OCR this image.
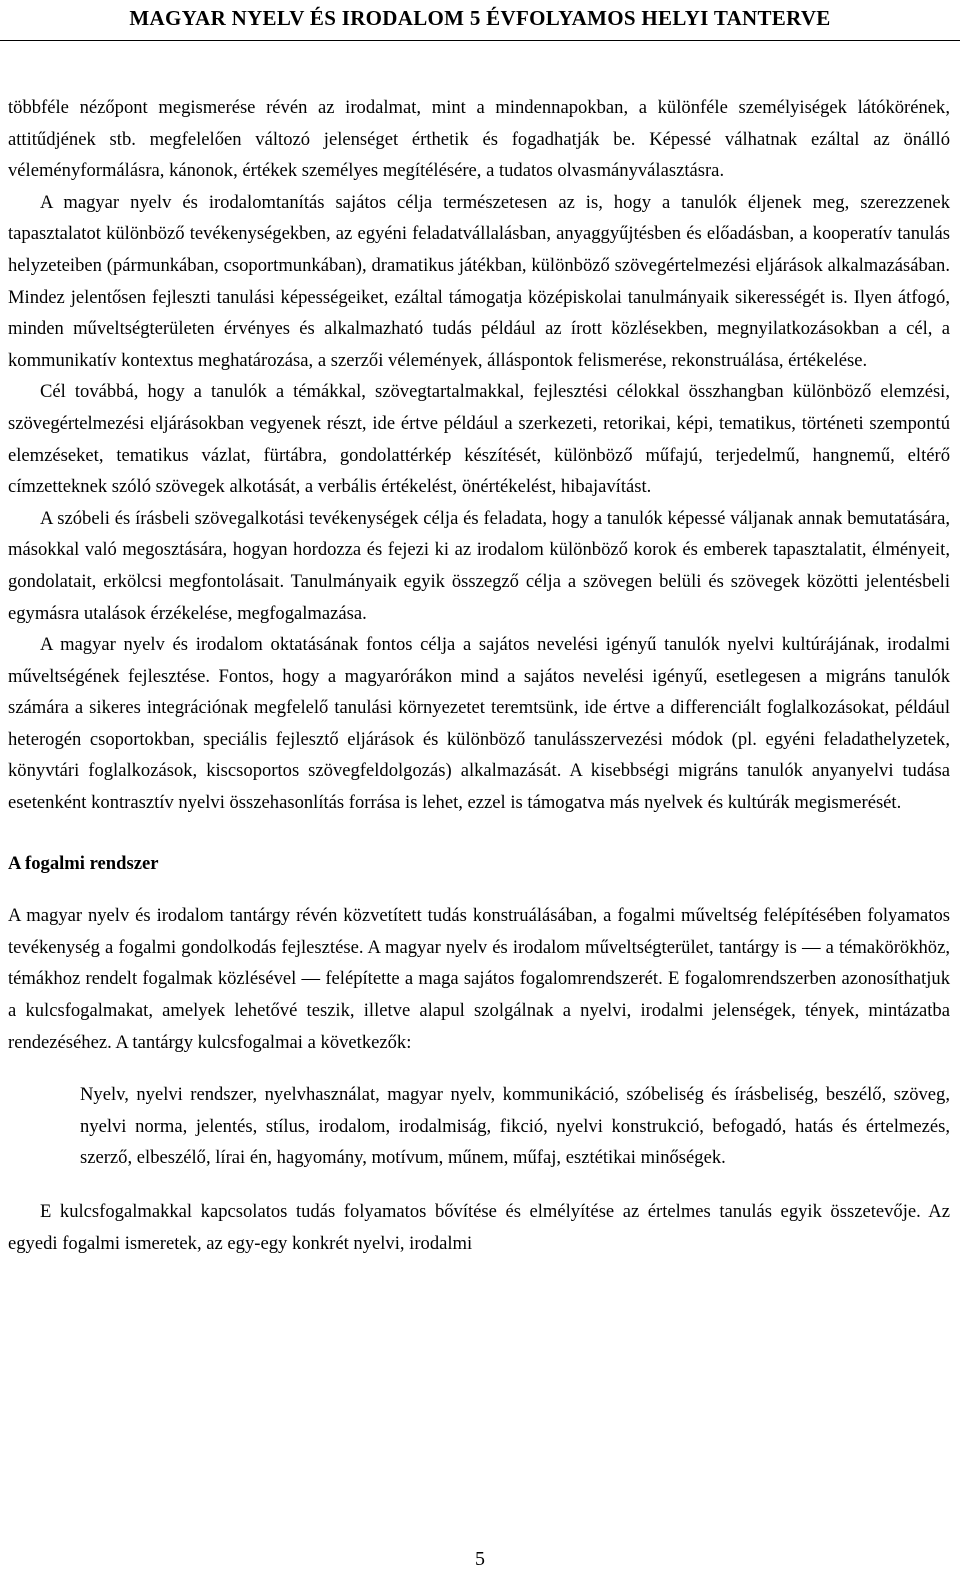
MAGYAR NYELV ÉS IRODALOM 5 ÉVFOLYAMOS HELYI TANTERVE

többféle nézőpont megismerése révén az irodalmat, mint a mindennapokban, a különféle személyiségek látókörének, attitűdjének stb. megfelelően változó jelenséget érthetik és fogadhatják be. Képessé válhatnak ezáltal az önálló véleményformálásra, kánonok, értékek személyes megítélésére, a tudatos olvasmányválasztásra.

A magyar nyelv és irodalomtanítás sajátos célja természetesen az is, hogy a tanulók éljenek meg, szerezzenek tapasztalatot különböző tevékenységekben, az egyéni feladatvállalásban, anyaggyűjtésben és előadásban, a kooperatív tanulás helyzeteiben (pármunkában, csoportmunkában), dramatikus játékban, különböző szövegértelmezési eljárások alkalmazásában. Mindez jelentősen fejleszti tanulási képességeiket, ezáltal támogatja középiskolai tanulmányaik sikerességét is. Ilyen átfogó, minden műveltségterületen érvényes és alkalmazható tudás például az írott közlésekben, megnyilatkozásokban a cél, a kommunikatív kontextus meghatározása, a szerzői vélemények, álláspontok felismerése, rekonstruálása, értékelése.

Cél továbbá, hogy a tanulók a témákkal, szövegtartalmakkal, fejlesztési célokkal összhangban különböző elemzési, szövegértelmezési eljárásokban vegyenek részt, ide értve például a szerkezeti, retorikai, képi, tematikus, történeti szempontú elemzéseket, tematikus vázlat, fürtábra, gondolattérkép készítését, különböző műfajú, terjedelmű, hangnemű, eltérő címzetteknek szóló szövegek alkotását, a verbális értékelést, önértékelést, hibajavítást.

A szóbeli és írásbeli szövegalkotási tevékenységek célja és feladata, hogy a tanulók képessé váljanak annak bemutatására, másokkal való megosztására, hogyan hordozza és fejezi ki az irodalom különböző korok és emberek tapasztalatit, élményeit, gondolatait, erkölcsi megfontolásait. Tanulmányaik egyik összegző célja a szövegen belüli és szövegek közötti jelentésbeli egymásra utalások érzékelése, megfogalmazása.

A magyar nyelv és irodalom oktatásának fontos célja a sajátos nevelési igényű tanulók nyelvi kultúrájának, irodalmi műveltségének fejlesztése. Fontos, hogy a magyarórákon mind a sajátos nevelési igényű, esetlegesen a migráns tanulók számára a sikeres integrációnak megfelelő tanulási környezetet teremtsünk, ide értve a differenciált foglalkozásokat, például heterogén csoportokban, speciális fejlesztő eljárások és különböző tanulásszervezési módok (pl. egyéni feladathelyzetek, könyvtári foglalkozások, kiscsoportos szövegfeldolgozás) alkalmazását. A kisebbségi migráns tanulók anyanyelvi tudása esetenként kontrasztív nyelvi összehasonlítás forrása is lehet, ezzel is támogatva más nyelvek és kultúrák megismerését.

A fogalmi rendszer

A magyar nyelv és irodalom tantárgy révén közvetített tudás konstruálásában, a fogalmi műveltség felépítésében folyamatos tevékenység a fogalmi gondolkodás fejlesztése. A magyar nyelv és irodalom műveltségterület, tantárgy is — a témakörökhöz, témákhoz rendelt fogalmak közlésével — felépítette a maga sajátos fogalomrendszerét. E fogalomrendszerben azonosíthatjuk a kulcsfogalmakat, amelyek lehetővé teszik, illetve alapul szolgálnak a nyelvi, irodalmi jelenségek, tények, mintázatba rendezéséhez. A tantárgy kulcsfogalmai a következők:

Nyelv, nyelvi rendszer, nyelvhasználat, magyar nyelv, kommunikáció, szóbeliség és írásbeliség, beszélő, szöveg, nyelvi norma, jelentés, stílus, irodalom, irodalmiság, fikció, nyelvi konstrukció, befogadó, hatás és értelmezés, szerző, elbeszélő, lírai én, hagyomány, motívum, műnem, műfaj, esztétikai minőségek.

E kulcsfogalmakkal kapcsolatos tudás folyamatos bővítése és elmélyítése az értelmes tanulás egyik összetevője. Az egyedi fogalmi ismeretek, az egy-egy konkrét nyelvi, irodalmi

5
